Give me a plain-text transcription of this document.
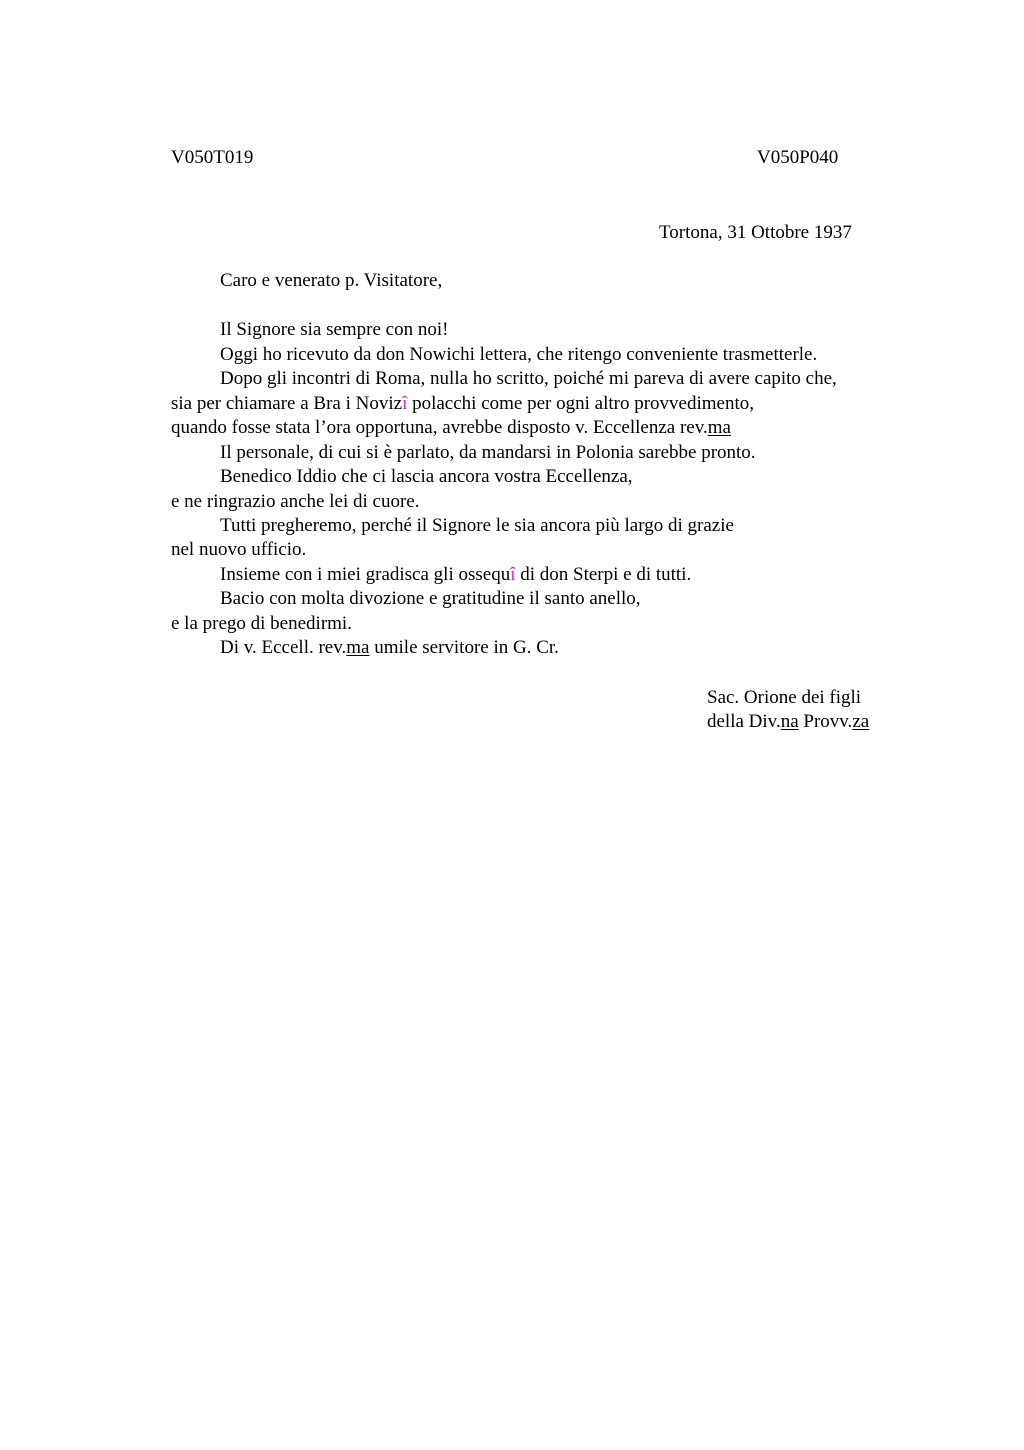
V050T019	V050P040
Tortona, 31 Ottobre 1937
Caro e venerato p. Visitatore,
Il Signore sia sempre con noi!
Oggi ho ricevuto da don Nowichi lettera, che ritengo conveniente trasmetterle.
Dopo gli incontri di Roma, nulla ho scritto, poiché mi pareva di avere capito che,
sia per chiamare a Bra i Novizî polacchi come per ogni altro provvedimento,
quando fosse stata l’ora opportuna, avrebbe disposto v. Eccellenza rev.ma
Il personale, di cui si è parlato, da mandarsi in Polonia sarebbe pronto.
Benedico Iddio che ci lascia ancora vostra Eccellenza,
e ne ringrazio anche lei di cuore.
Tutti pregheremo, perché il Signore le sia ancora più largo di grazie
nel nuovo ufficio.
Insieme con i miei gradisca gli ossequî di don Sterpi e di tutti.
Bacio con molta divozione e gratitudine il santo anello,
e la prego di benedirmi.
Di v. Eccell. rev.ma umile servitore in G. Cr.
Sac. Orione dei figli
della Div.na Provv.za
